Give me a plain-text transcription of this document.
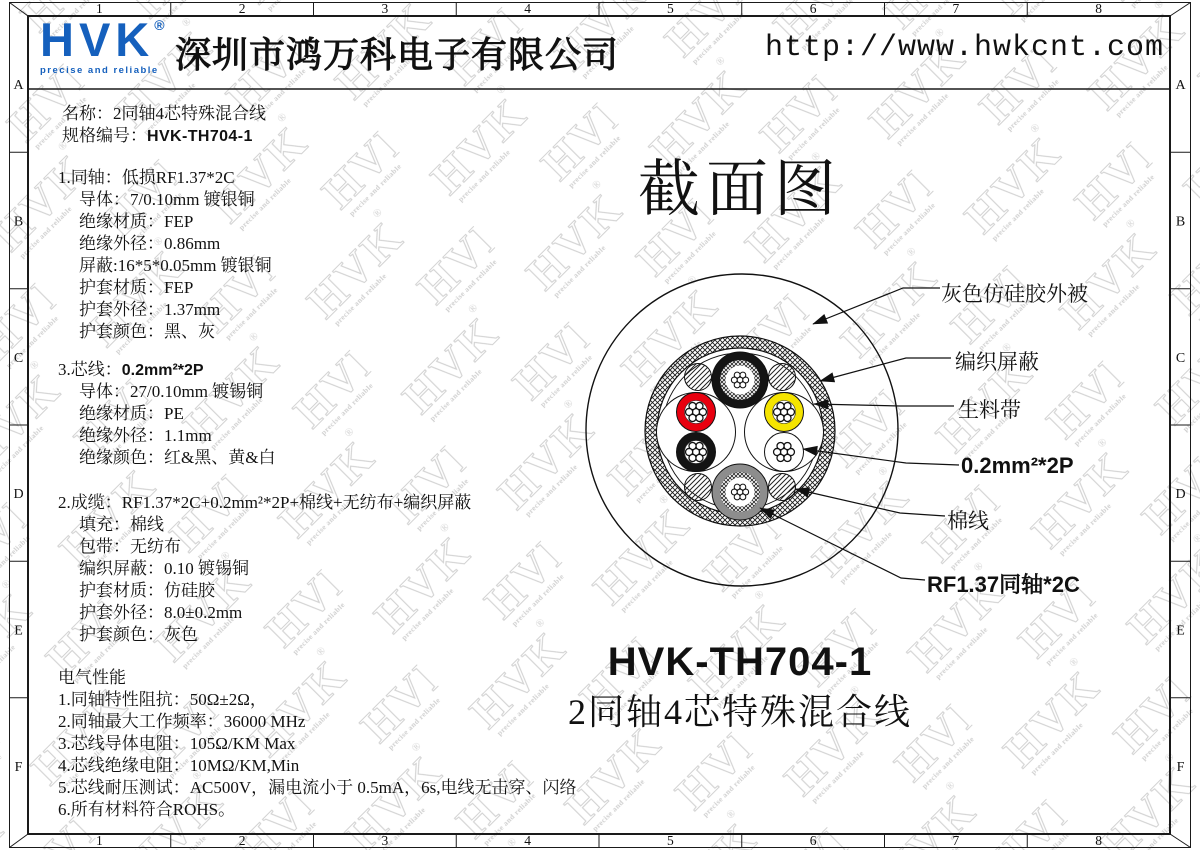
1	2	3	4	5	6	7	8
1	2	3	4	5	6	7	8
A
B
C
D
E
F
A
B
C
D
E
F
HVK®
precise and reliable 深圳市鸿万科电子有限公司	http://www.hwkcnt.com
名称：2同轴4芯特殊混合线
规格编号：HVK-TH704-1
1.同轴：低损RF1.37*2C
导体：7/0.10mm 镀银铜
绝缘材质：FEP
绝缘外径：0.86mm
屏蔽:16*5*0.05mm 镀银铜
护套材质：FEP
护套外径：1.37mm
护套颜色：黑、灰
3.芯线：0.2mm²*2P
导体：27/0.10mm 镀锡铜
绝缘材质：PE
绝缘外径：1.1mm
绝缘颜色：红&黑、黄&白
2.成缆：RF1.37*2C+0.2mm²*2P+棉线+无纺布+编织屏蔽
填充：棉线
包带：无纺布
编织屏蔽：0.10 镀锡铜
护套材质：仿硅胶
护套外径：8.0±0.2mm
护套颜色：灰色
电气性能
1.同轴特性阻抗：50Ω±2Ω，
2.同轴最大工作频率：36000 MHz
3.芯线导体电阻：105Ω/KM Max
4.芯线绝缘电阻：10MΩ/KM,Min
5.芯线耐压测试：AC500V，漏电流小于 0.5mA，6s,电线无击穿、闪络
6.所有材料符合ROHS。
截面图
灰色仿硅胶外被
编织屏蔽
生料带
0.2mm²*2P
棉线
RF1.37同轴*2C
HVK-TH704-1
2同轴4芯特殊混合线
